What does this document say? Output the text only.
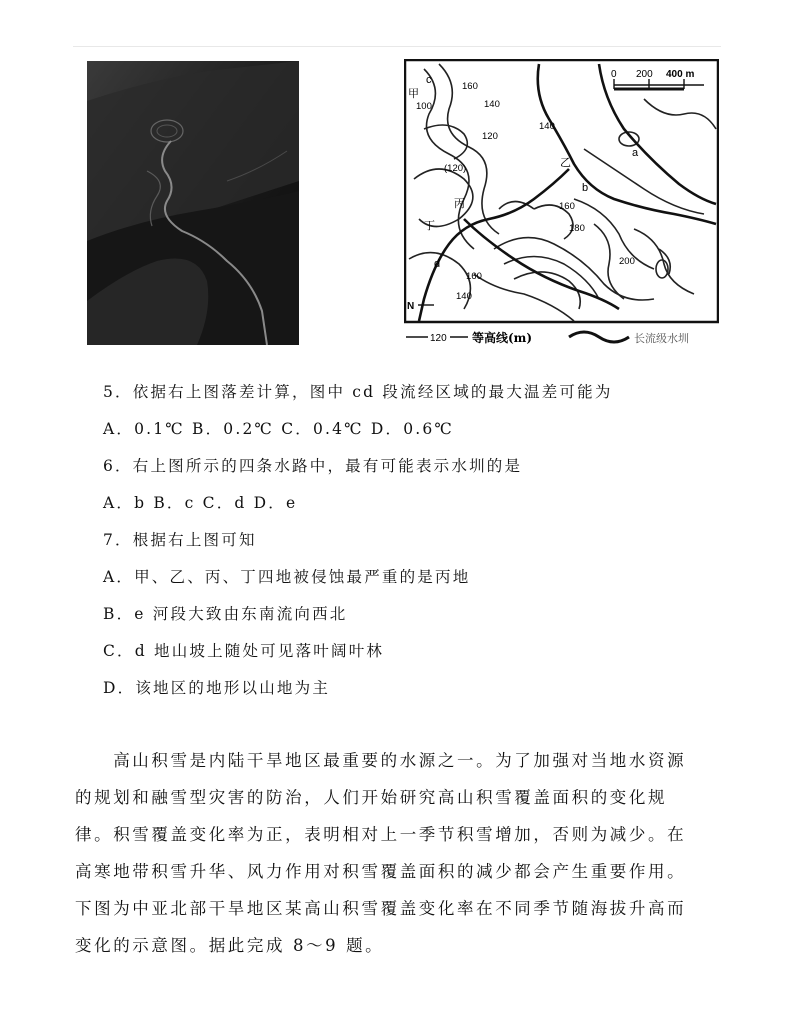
0 200 400 m
100
160
140
120
140
(120)
160
180
200
140
160
甲
乙
丙
丁
a
b
c
d
N
120 等高线(m)	长流级水圳
5．依据右上图落差计算，图中 cd 段流经区域的最大温差可能为
A．0.1℃ B．0.2℃ C．0.4℃ D．0.6℃
6．右上图所示的四条水路中，最有可能表示水圳的是
A．b B．c C．d D．e
7．根据右上图可知
A．甲、乙、丙、丁四地被侵蚀最严重的是丙地
B．e 河段大致由东南流向西北
C．d 地山坡上随处可见落叶阔叶林
D．该地区的地形以山地为主
　　高山积雪是内陆干旱地区最重要的水源之一。为了加强对当地水资源
的规划和融雪型灾害的防治，人们开始研究高山积雪覆盖面积的变化规
律。积雪覆盖变化率为正，表明相对上一季节积雪增加，否则为减少。在
高寒地带积雪升华、风力作用对积雪覆盖面积的减少都会产生重要作用。
下图为中亚北部干旱地区某高山积雪覆盖变化率在不同季节随海拔升高而
变化的示意图。据此完成 8～9 题。
